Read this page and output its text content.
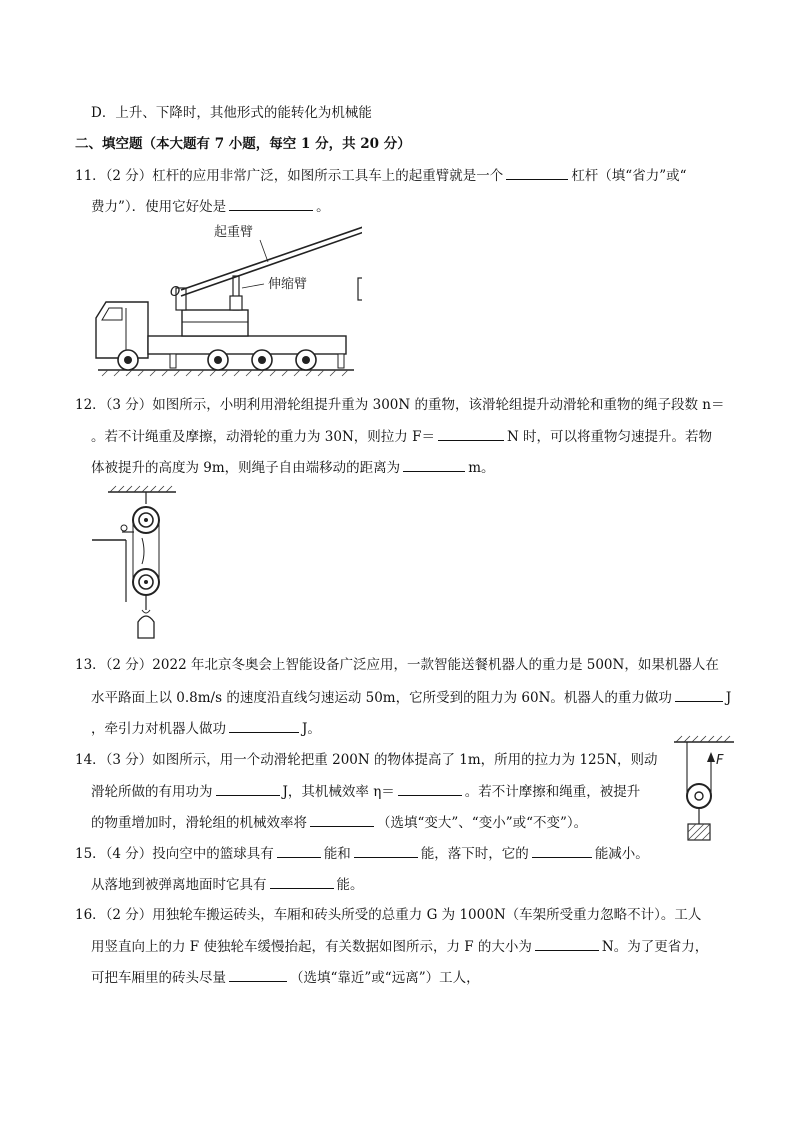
D．上升、下降时，其他形式的能转化为机械能
二、填空题（本大题有 7 小题，每空 1 分，共 20 分）
11．（2 分）杠杆的应用非常广泛，如图所示工具车上的起重臂就是一个	杠杆（填“省力”或“
费力”）．使用它好处是	。
起重臂
伸缩臂
O
12．（3 分）如图所示，小明利用滑轮组提升重为 300N 的重物，该滑轮组提升动滑轮和重物的绳子段数 n＝
。若不计绳重及摩擦，动滑轮的重力为 30N，则拉力 F＝	N 时，可以将重物匀速提升。若物
体被提升的高度为 9m，则绳子自由端移动的距离为	m。
13．（2 分）2022 年北京冬奥会上智能设备广泛应用，一款智能送餐机器人的重力是 500N，如果机器人在
水平路面上以 0.8m/s 的速度沿直线匀速运动 50m，它所受到的阻力为 60N。机器人的重力做功	J
，牵引力对机器人做功	J。
14．（3 分）如图所示，用一个动滑轮把重 200N 的物体提高了 1m，所用的拉力为 125N，则动
滑轮所做的有用功为	J，其机械效率 η＝	。若不计摩擦和绳重，被提升
的物重增加时，滑轮组的机械效率将	（选填“变大”、“变小”或“不变”）。
F
15．（4 分）投向空中的篮球具有	能和	能，落下时，它的	能减小。
从落地到被弹离地面时它具有	能。
16．（2 分）用独轮车搬运砖头，车厢和砖头所受的总重力 G 为 1000N（车架所受重力忽略不计）。工人
用竖直向上的力 F 使独轮车缓慢抬起，有关数据如图所示，力 F 的大小为	N。为了更省力，
可把车厢里的砖头尽量	（选填“靠近”或“远离”）工人，
